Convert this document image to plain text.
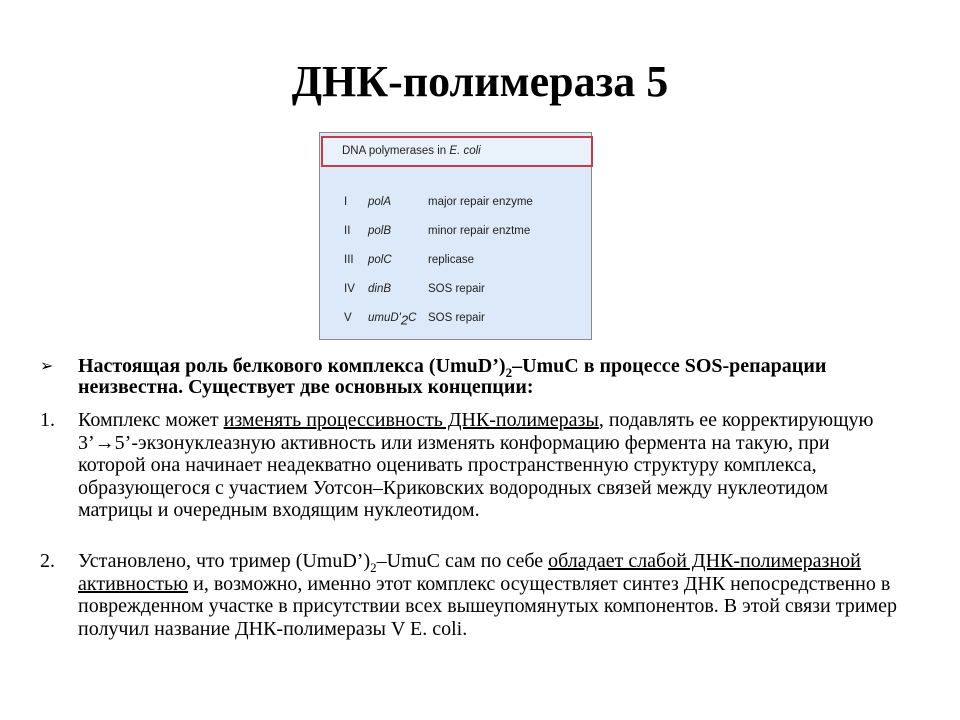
ДНК-полимераза 5
DNA polymerases in E. coli
I polA	major repair enzyme
II polB	minor repair enztme
III polC	replicase
IV dinB	SOS repair
V $umuD'_2C$ SOS repair
➢ Настоящая роль белкового комплекса $(UmuD’)_2$–UmuC в процессе SOS-репарации неизвестна. Существует две основных концепции:
1. Комплекс может изменять процессивность ДНК-полимеразы, подавлять ее корректирующую 3’→5’-экзонуклеазную активность или изменять конформацию фермента на такую, при которой она начинает неадекватно оценивать пространственную структуру комплекса, образующегося с участием Уотсон–Криковских водородных связей между нуклеотидом матрицы и очередным входящим нуклеотидом.
2. Установлено, что тример $(UmuD’)_2$–UmuC сам по себе обладает слабой ДНК-полимеразной активностью и, возможно, именно этот комплекс осуществляет синтез ДНК непосредственно в поврежденном участке в присутствии всех вышеупомянутых компонентов. В этой связи тример получил название ДНК-полимеразы V E. coli.
